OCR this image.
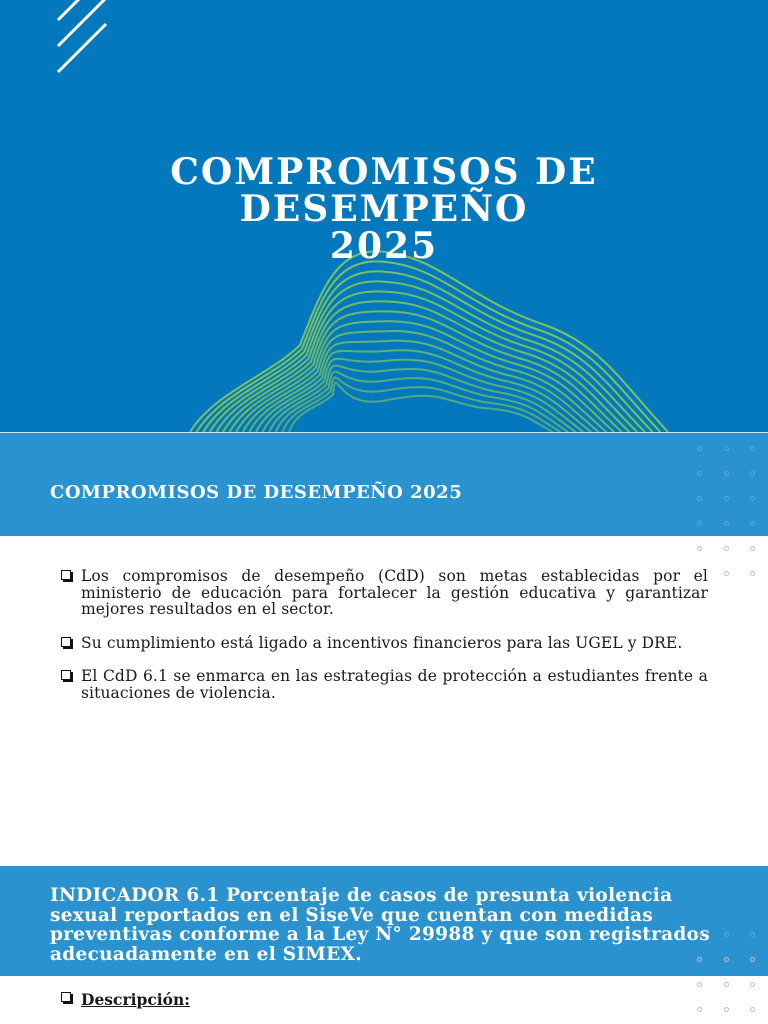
COMPROMISOS DE
DESEMPEÑO
2025
COMPROMISOS DE DESEMPEÑO 2025
Los compromisos de desempeño (CdD) son metas establecidas por el ministerio de educación para fortalecer la gestión educativa y garantizar mejores resultados en el sector.
Su cumplimiento está ligado a incentivos financieros para las UGEL y DRE.
El CdD 6.1 se enmarca en las estrategias de protección a estudiantes frente a situaciones de violencia.
INDICADOR 6.1 Porcentaje de casos de presunta violencia sexual reportados en el SiseVe que cuentan con medidas preventivas conforme a la Ley N° 29988 y que son registrados adecuadamente en el SIMEX.
Descripción:
